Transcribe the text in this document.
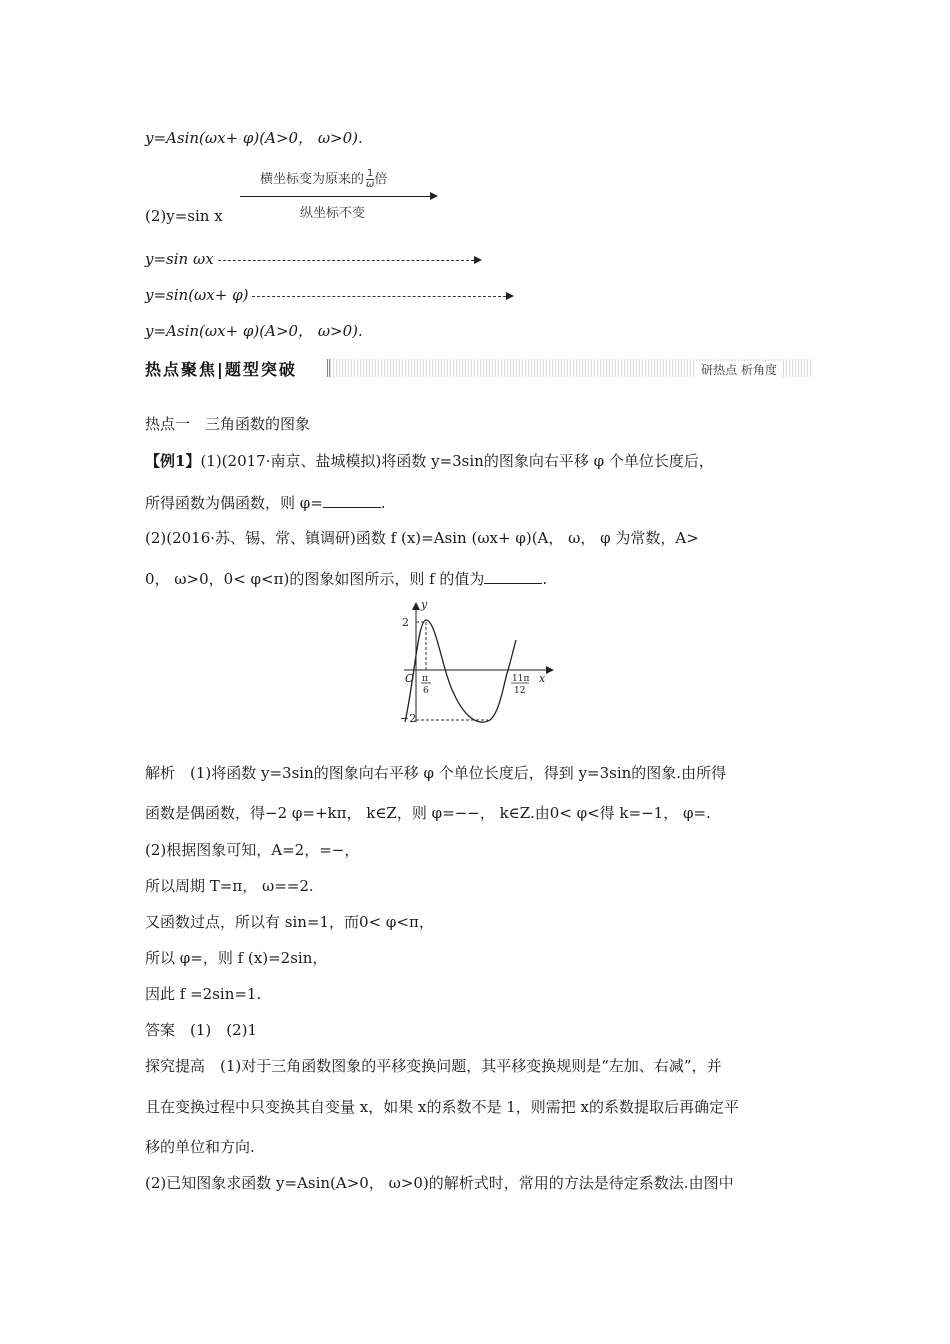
y=Asin(ωx+ φ)(A>0， ω>0).
(2)y=sin x
横坐标变为原来的 $\frac{1}{\omega}$ 倍
纵坐标不变
y=sin ωx
y=sin(ωx+ φ)
y=Asin(ωx+ φ)(A>0， ω>0).
热点聚焦|题型突破	研热点 析角度
热点一　三角函数的图象
【例1】(1)(2017·南京、盐城模拟)将函数 y=3sin的图象向右平移 φ 个单位长度后，
所得函数为偶函数，则 φ=	.
(2)(2016·苏、锡、常、镇调研)函数 f (x)=Asin (ωx+ φ)(A， ω， φ 为常数，A>
0， ω>0，0< φ<π)的图象如图所示，则 f 的值为	.
y
x
2
−2
O π
6
11π
12
解析　(1)将函数 y=3sin的图象向右平移 φ 个单位长度后，得到 y=3sin的图象.由所得
函数是偶函数，得−2 φ=+kπ， k∈Z，则 φ=−−， k∈Z.由0< φ<得 k=−1， φ=.
(2)根据图象可知，A=2，=−，
所以周期 T=π， ω==2.
又函数过点，所以有 sin=1，而0< φ<π，
所以 φ=，则 f (x)=2sin，
因此 f =2sin=1.
答案　(1)　(2)1
探究提高　(1)对于三角函数图象的平移变换问题，其平移变换规则是“左加、右减”，并
且在变换过程中只变换其自变量 x，如果 x的系数不是 1，则需把 x的系数提取后再确定平
移的单位和方向.
(2)已知图象求函数 y=Asin(A>0， ω>0)的解析式时，常用的方法是待定系数法.由图中
